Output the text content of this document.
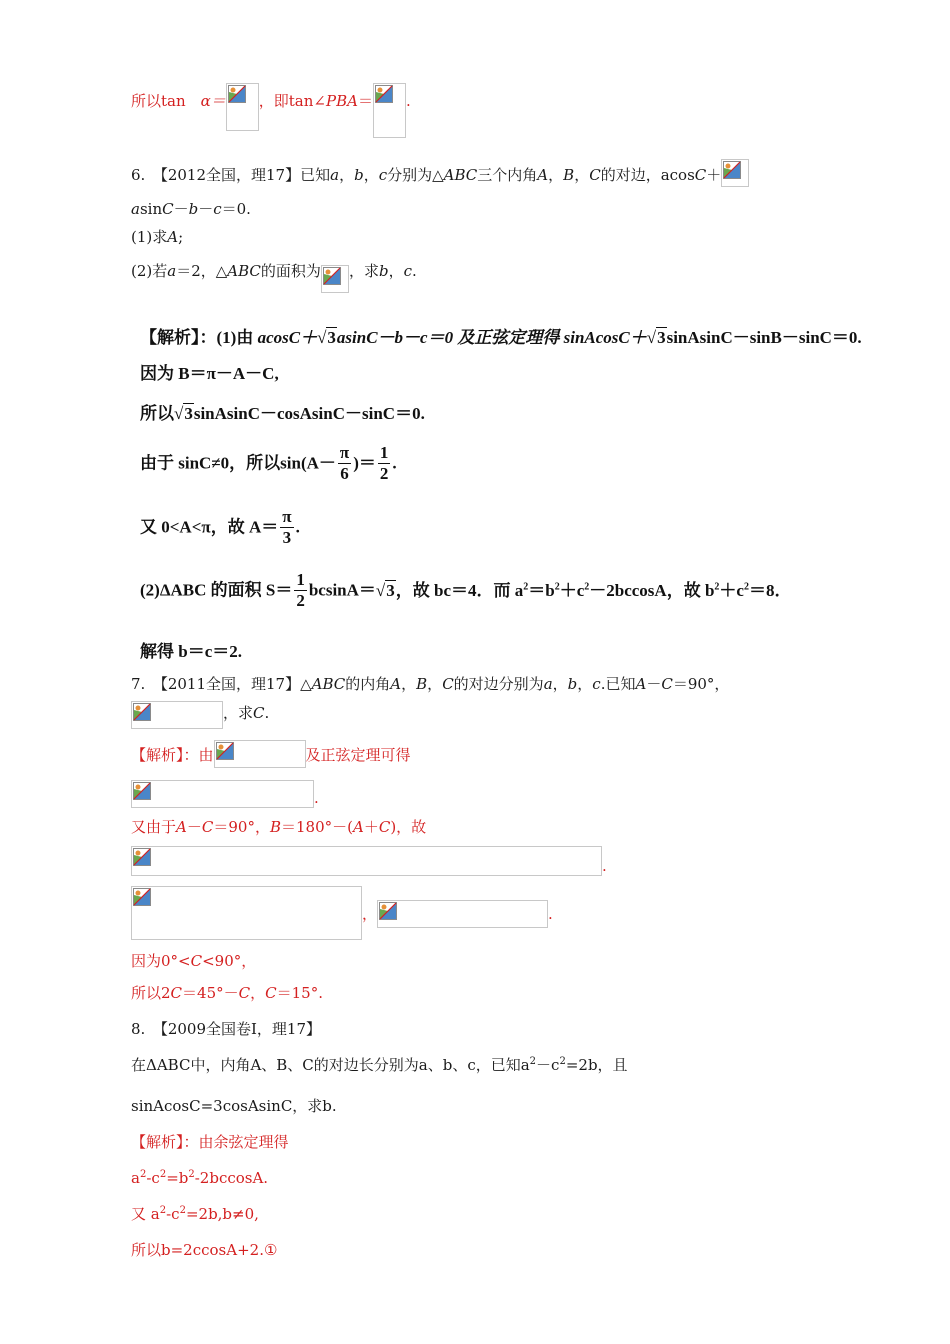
所以tan　α＝ ，即tan∠PBA＝ .
6.　 【2012全国，理17】已知a，b，c分别为△ABC三个内角A，B，C的对边，acosC＋
asinC－b－c＝0.
(1)求A;
(2)若a＝2，△ABC的面积为 ，求b，c.
【解析】：(1)由 acosC＋√3asinC－b－c＝0 及正弦定理得 sinAcosC＋√3sinAsinC－sinB－sinC＝0.
因为 B＝π－A－C,
所以√3sinAsinC－cosAsinC－sinC＝0.
由于 sinC≠0，所以$\sin(A- \frac{\pi}{6}$ )＝ $\frac{1}{2}$ .
又 0<A<π，故 $A= \frac{\pi}{3}$ .
(2)ΔABC 的面积 $S= \frac{1}{2} bcsinA=√3$，故 bc＝4．而 $a^2=b^2+c^2-2bccosA$，故 $b^2+c^2=8$．
解得 b＝c＝2.
7.　 【2011全国，理17】△ABC的内角A，B，C的对边分别为a，b，c.已知A－C＝90°，
，求C.
【解析】：由	及正弦定理可得
.
又由于A－C＝90°，B＝180°－(A＋C)，故
.
，	.
因为0°<C<90°，
所以2C＝45°－C，C＝15°.
8.　 【2009全国卷Ⅰ，理17】
在ΔABC中，内角A、B、C的对边长分别为a、b、c，已知$a^2-c^2=2b$，且
sinAcosC=3cosAsinC，求b.
【解析】：由余弦定理得
$a^2-c^2=b^2-2bccosA$.
又 $a^2-c^2=2b,b\ne 0$,
所以b=2ccosA+2.①
